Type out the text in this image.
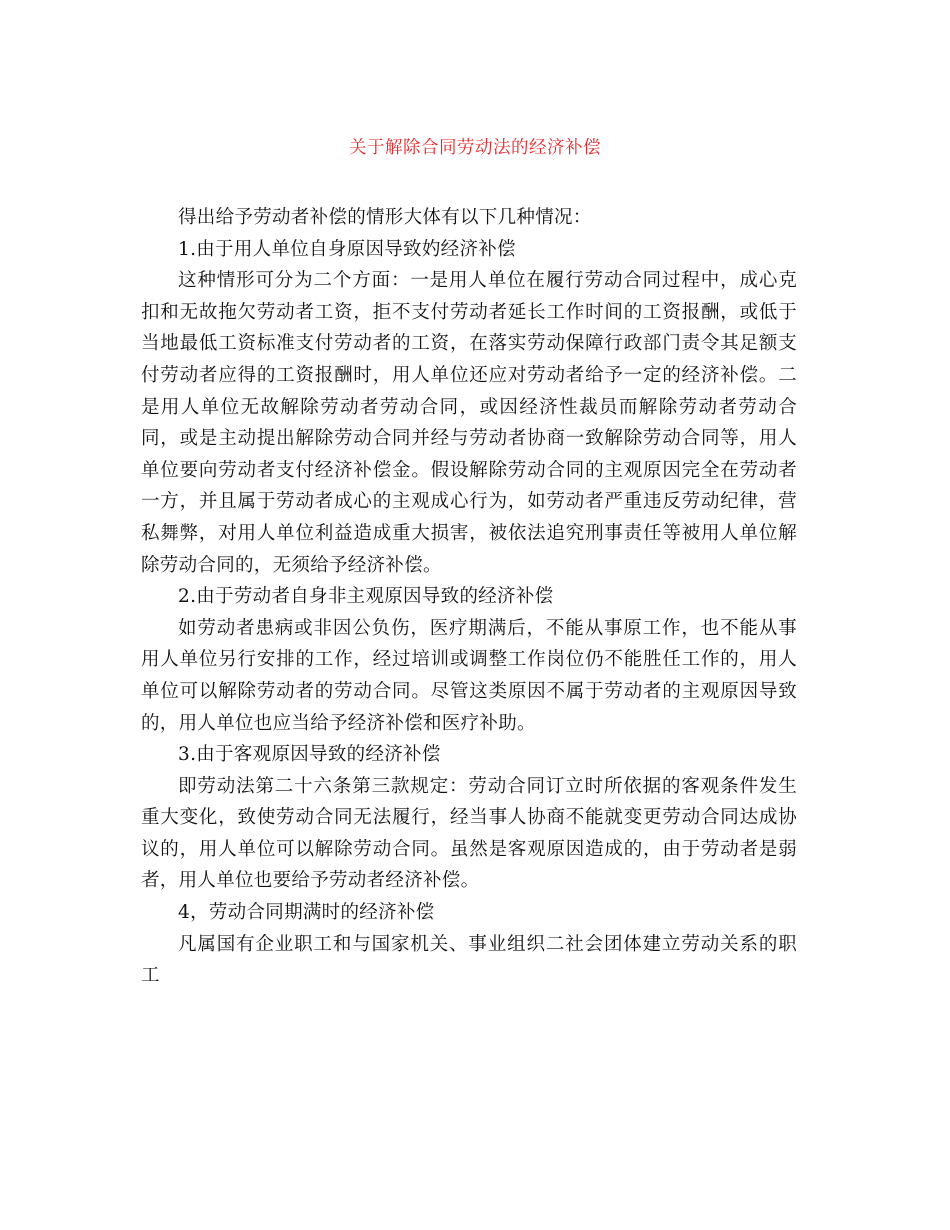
关于解除合同劳动法的经济补偿

得出给予劳动者补偿的情形大体有以下几种情况：

1.由于用人单位自身原因导致妁经济补偿

这种情形可分为二个方面：一是用人单位在履行劳动合同过程中，成心克扣和无故拖欠劳动者工资，拒不支付劳动者延长工作时间的工资报酬，或低于当地最低工资标准支付劳动者的工资，在落实劳动保障行政部门责令其足额支付劳动者应得的工资报酬时，用人单位还应对劳动者给予一定的经济补偿。二是用人单位无故解除劳动者劳动合同，或因经济性裁员而解除劳动者劳动合同，或是主动提出解除劳动合同并经与劳动者协商一致解除劳动合同等，用人单位要向劳动者支付经济补偿金。假设解除劳动合同的主观原因完全在劳动者一方，并且属于劳动者成心的主观成心行为，如劳动者严重违反劳动纪律，营私舞弊，对用人单位利益造成重大损害，被依法追究刑事责任等被用人单位解除劳动合同的，无须给予经济补偿。

2.由于劳动者自身非主观原因导致的经济补偿

如劳动者患病或非因公负伤，医疗期满后，不能从事原工作，也不能从事用人单位另行安排的工作，经过培训或调整工作岗位仍不能胜任工作的，用人单位可以解除劳动者的劳动合同。尽管这类原因不属于劳动者的主观原因导致的，用人单位也应当给予经济补偿和医疗补助。

3.由于客观原因导致的经济补偿

即劳动法第二十六条第三款规定：劳动合同订立时所依据的客观条件发生重大变化，致使劳动合同无法履行，经当事人协商不能就变更劳动合同达成协议的，用人单位可以解除劳动合同。虽然是客观原因造成的，由于劳动者是弱者，用人单位也要给予劳动者经济补偿。

4，劳动合同期满时的经济补偿

凡属国有企业职工和与国家机关、事业组织二社会团体建立劳动关系的职工
